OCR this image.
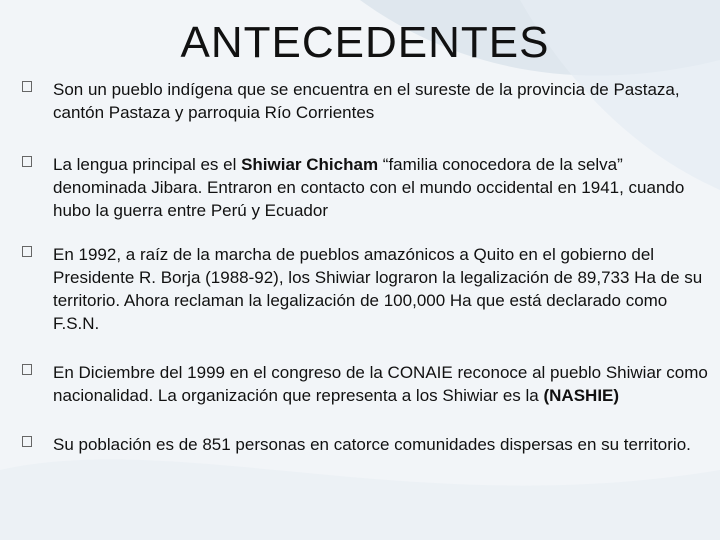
ANTECEDENTES
Son un pueblo indígena que se encuentra en el sureste de la provincia de Pastaza, cantón Pastaza y parroquia Río Corrientes
La lengua principal es el Shiwiar Chicham “familia conocedora de la selva” denominada Jibara. Entraron en contacto con el mundo occidental en 1941, cuando hubo la guerra entre Perú y Ecuador
En 1992, a raíz de la marcha de pueblos amazónicos a Quito en el gobierno del Presidente R. Borja (1988-92), los Shiwiar lograron la legalización de 89,733 Ha de su territorio. Ahora reclaman la legalización de 100,000 Ha que está declarado como F.S.N.
En Diciembre del 1999 en el congreso de la CONAIE reconoce al pueblo Shiwiar como nacionalidad. La organización que representa a los Shiwiar es la (NASHIE)
Su población es de 851 personas en catorce comunidades dispersas en su territorio.
